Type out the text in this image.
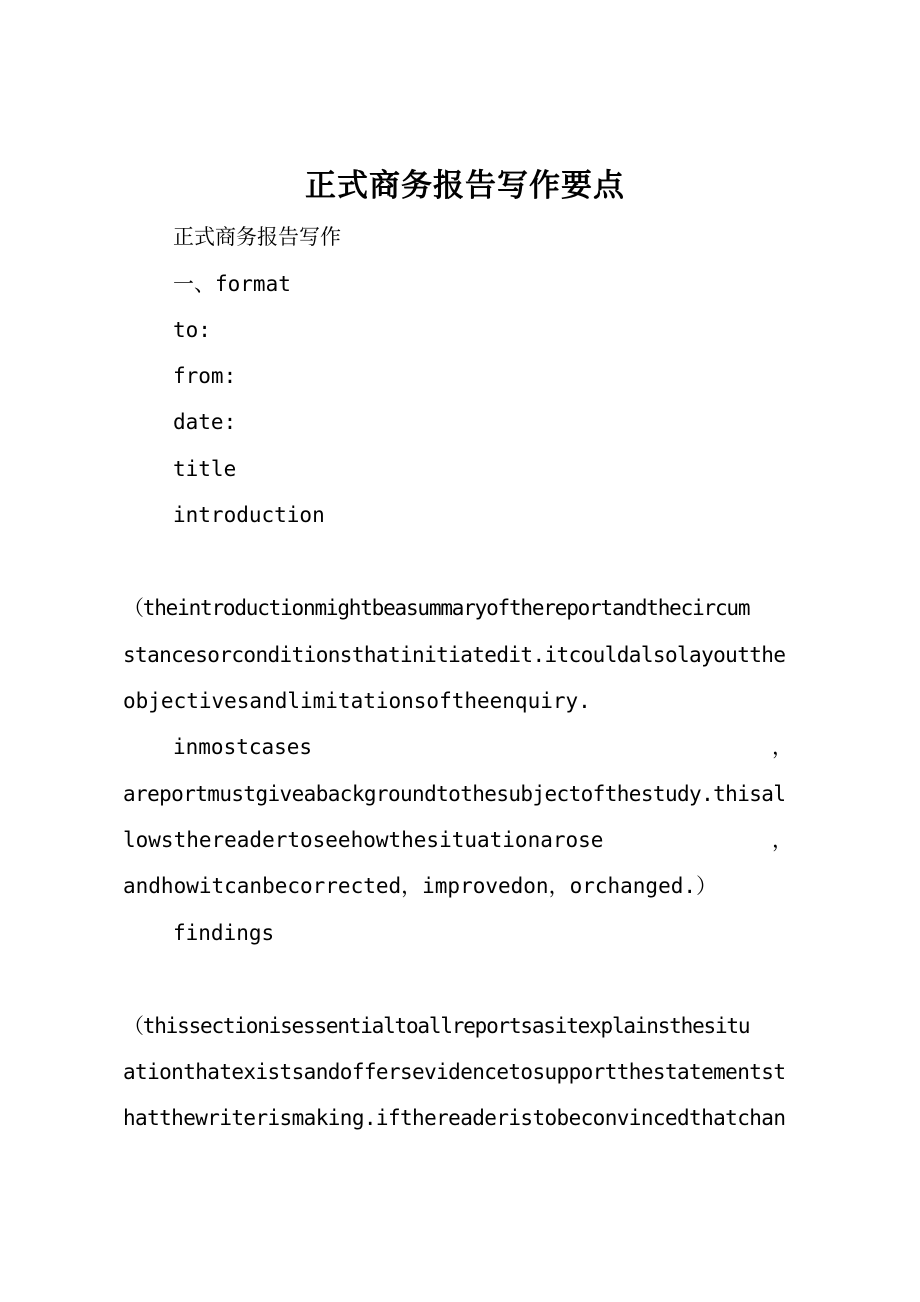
正式商务报告写作要点
正式商务报告写作
一、format
to:
from:
date:
title
introduction
（theintroductionmightbeasummaryofthereportandthecircum
stancesorconditionsthatinitiatedit.itcouldalsolayoutthe
objectivesandlimitationsoftheenquiry.
inmostcases	，
areportmustgiveabackgroundtothesubjectofthestudy.thisal
lowsthereadertoseehowthesituationarose	，
andhowitcanbecorrected，improvedon，orchanged.）
findings
（thissectionisessentialtoallreportsasitexplainsthesitu
ationthatexistsandoffersevidencetosupportthestatementst
hatthewriterismaking.ifthereaderistobeconvincedthatchan
